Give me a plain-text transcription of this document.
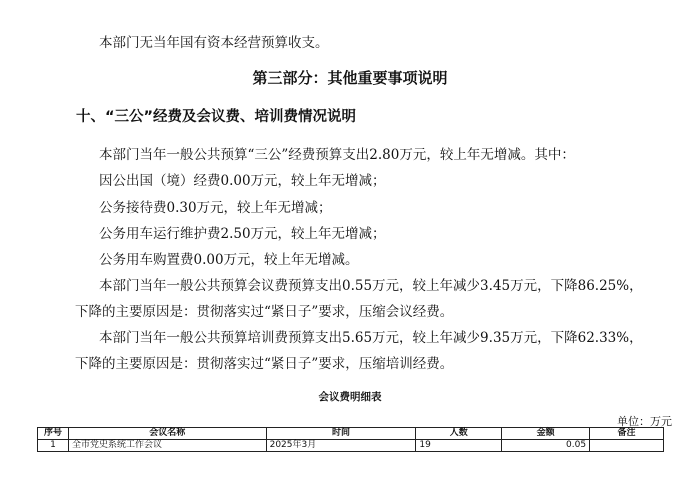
本部门无当年国有资本经营预算收支。
第三部分：其他重要事项说明
十、“三公”经费及会议费、培训费情况说明
本部门当年一般公共预算“三公”经费预算支出2.80万元，较上年无增减。其中：
因公出国（境）经费0.00万元，较上年无增减；
公务接待费0.30万元，较上年无增减；
公务用车运行维护费2.50万元，较上年无增减；
公务用车购置费0.00万元，较上年无增减。
本部门当年一般公共预算会议费预算支出0.55万元，较上年减少3.45万元，下降86.25%，
下降的主要原因是：贯彻落实过“紧日子”要求，压缩会议经费。
本部门当年一般公共预算培训费预算支出5.65万元，较上年减少9.35万元，下降62.33%，
下降的主要原因是：贯彻落实过“紧日子”要求，压缩培训经费。
会议费明细表
单位：万元
序号	会议名称	时间	人数	金额	备注
1	全市党史系统工作会议	2025年3月	19	0.05	
